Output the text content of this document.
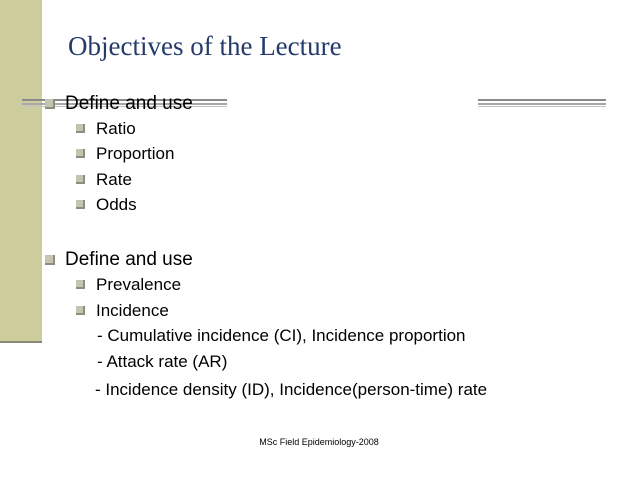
Objectives of the Lecture
Define and use
Ratio
Proportion
Rate
Odds
Define and use
Prevalence
Incidence
- Cumulative incidence (CI), Incidence proportion
- Attack rate (AR)
- Incidence density (ID), Incidence(person-time) rate
MSc Field Epidemiology-2008
